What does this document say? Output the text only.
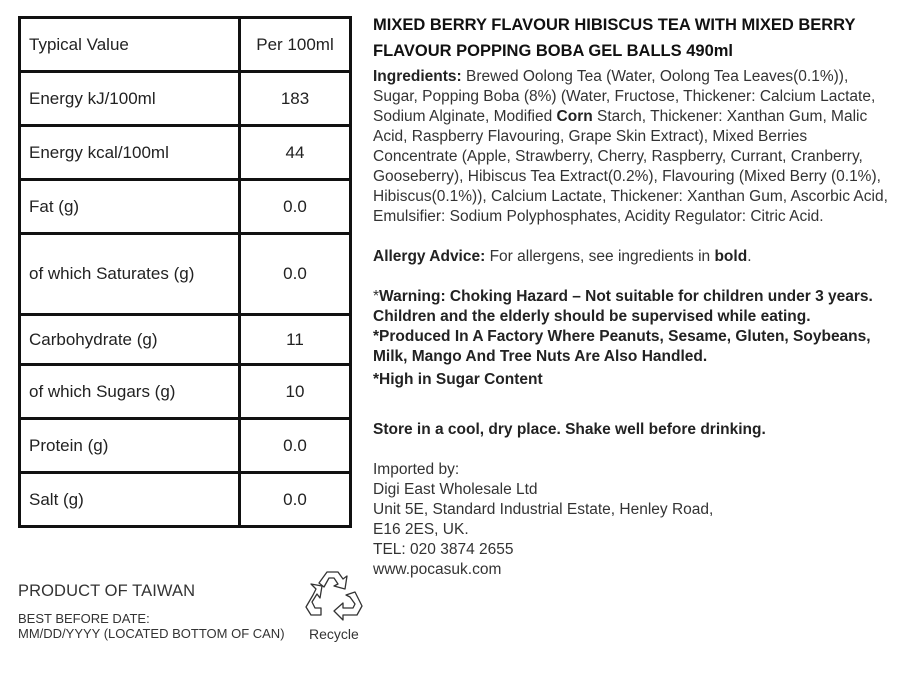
Typical Value	Per 100ml
Energy kJ/100ml	183
Energy kcal/100ml	44
Fat (g)	0.0
of which Saturates (g)	0.0
Carbohydrate (g)	11
of which Sugars (g)	10
Protein (g)	0.0
Salt (g)	0.0
PRODUCT OF TAIWAN
BEST BEFORE DATE:
MM/DD/YYYY (LOCATED BOTTOM OF CAN) Recycle

MIXED BERRY FLAVOUR HIBISCUS TEA WITH MIXED BERRY FLAVOUR POPPING BOBA GEL BALLS 490ml

Ingredients: Brewed Oolong Tea (Water, Oolong Tea Leaves(0.1%)), Sugar, Popping Boba (8%) (Water, Fructose, Thickener: Calcium Lactate, Sodium Alginate, Modified Corn Starch, Thickener: Xanthan Gum, Malic Acid, Raspberry Flavouring, Grape Skin Extract), Mixed Berries Concentrate (Apple, Strawberry, Cherry, Raspberry, Currant, Cranberry, Gooseberry), Hibiscus Tea Extract(0.2%), Flavouring (Mixed Berry (0.1%), Hibiscus(0.1%)), Calcium Lactate, Thickener: Xanthan Gum, Ascorbic Acid, Emulsifier: Sodium Polyphosphates, Acidity Regulator: Citric Acid.

Allergy Advice: For allergens, see ingredients in bold.

*Warning: Choking Hazard – Not suitable for children under 3 years. Children and the elderly should be supervised while eating.

*Produced In A Factory Where Peanuts, Sesame, Gluten, Soybeans, Milk, Mango And Tree Nuts Are Also Handled.

*High in Sugar Content

Store in a cool, dry place. Shake well before drinking.

Imported by:

Digi East Wholesale Ltd

Unit 5E, Standard Industrial Estate, Henley Road,

E16 2ES, UK.

TEL: 020 3874 2655

www.pocasuk.com
